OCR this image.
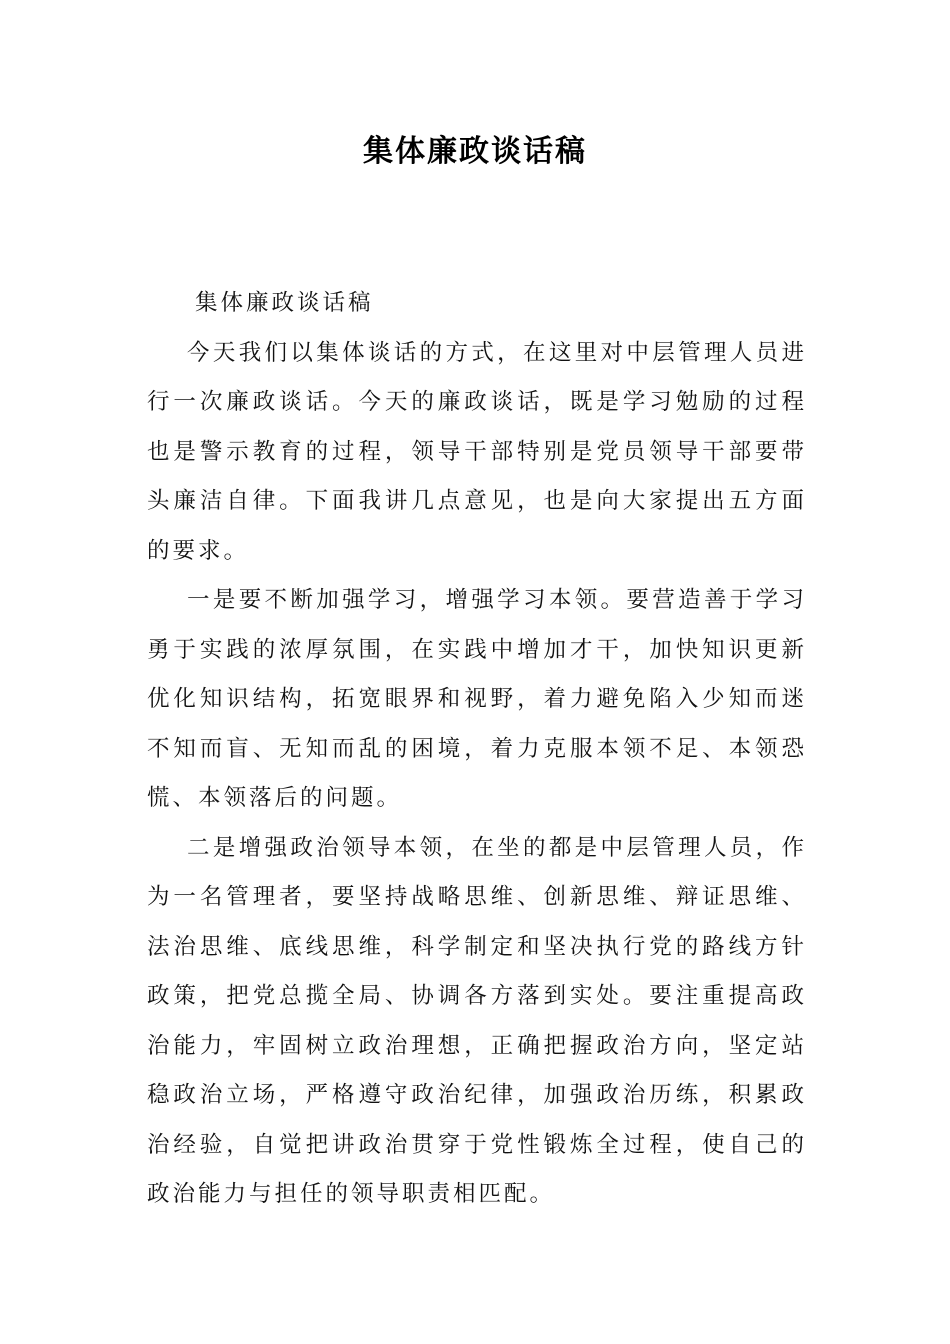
集体廉政谈话稿

集体廉政谈话稿

今天我们以集体谈话的方式，在这里对中层管理人员进行一次廉政谈话。今天的廉政谈话，既是学习勉励的过程也是警示教育的过程，领导干部特别是党员领导干部要带头廉洁自律。下面我讲几点意见，也是向大家提出五方面的要求。

一是要不断加强学习，增强学习本领。要营造善于学习勇于实践的浓厚氛围，在实践中增加才干，加快知识更新优化知识结构，拓宽眼界和视野，着力避免陷入少知而迷不知而盲、无知而乱的困境，着力克服本领不足、本领恐慌、本领落后的问题。

二是增强政治领导本领，在坐的都是中层管理人员，作为一名管理者，要坚持战略思维、创新思维、辩证思维、法治思维、底线思维，科学制定和坚决执行党的路线方针政策，把党总揽全局、协调各方落到实处。要注重提高政治能力，牢固树立政治理想，正确把握政治方向，坚定站稳政治立场，严格遵守政治纪律，加强政治历练，积累政治经验，自觉把讲政治贯穿于党性锻炼全过程，使自己的政治能力与担任的领导职责相匹配。
